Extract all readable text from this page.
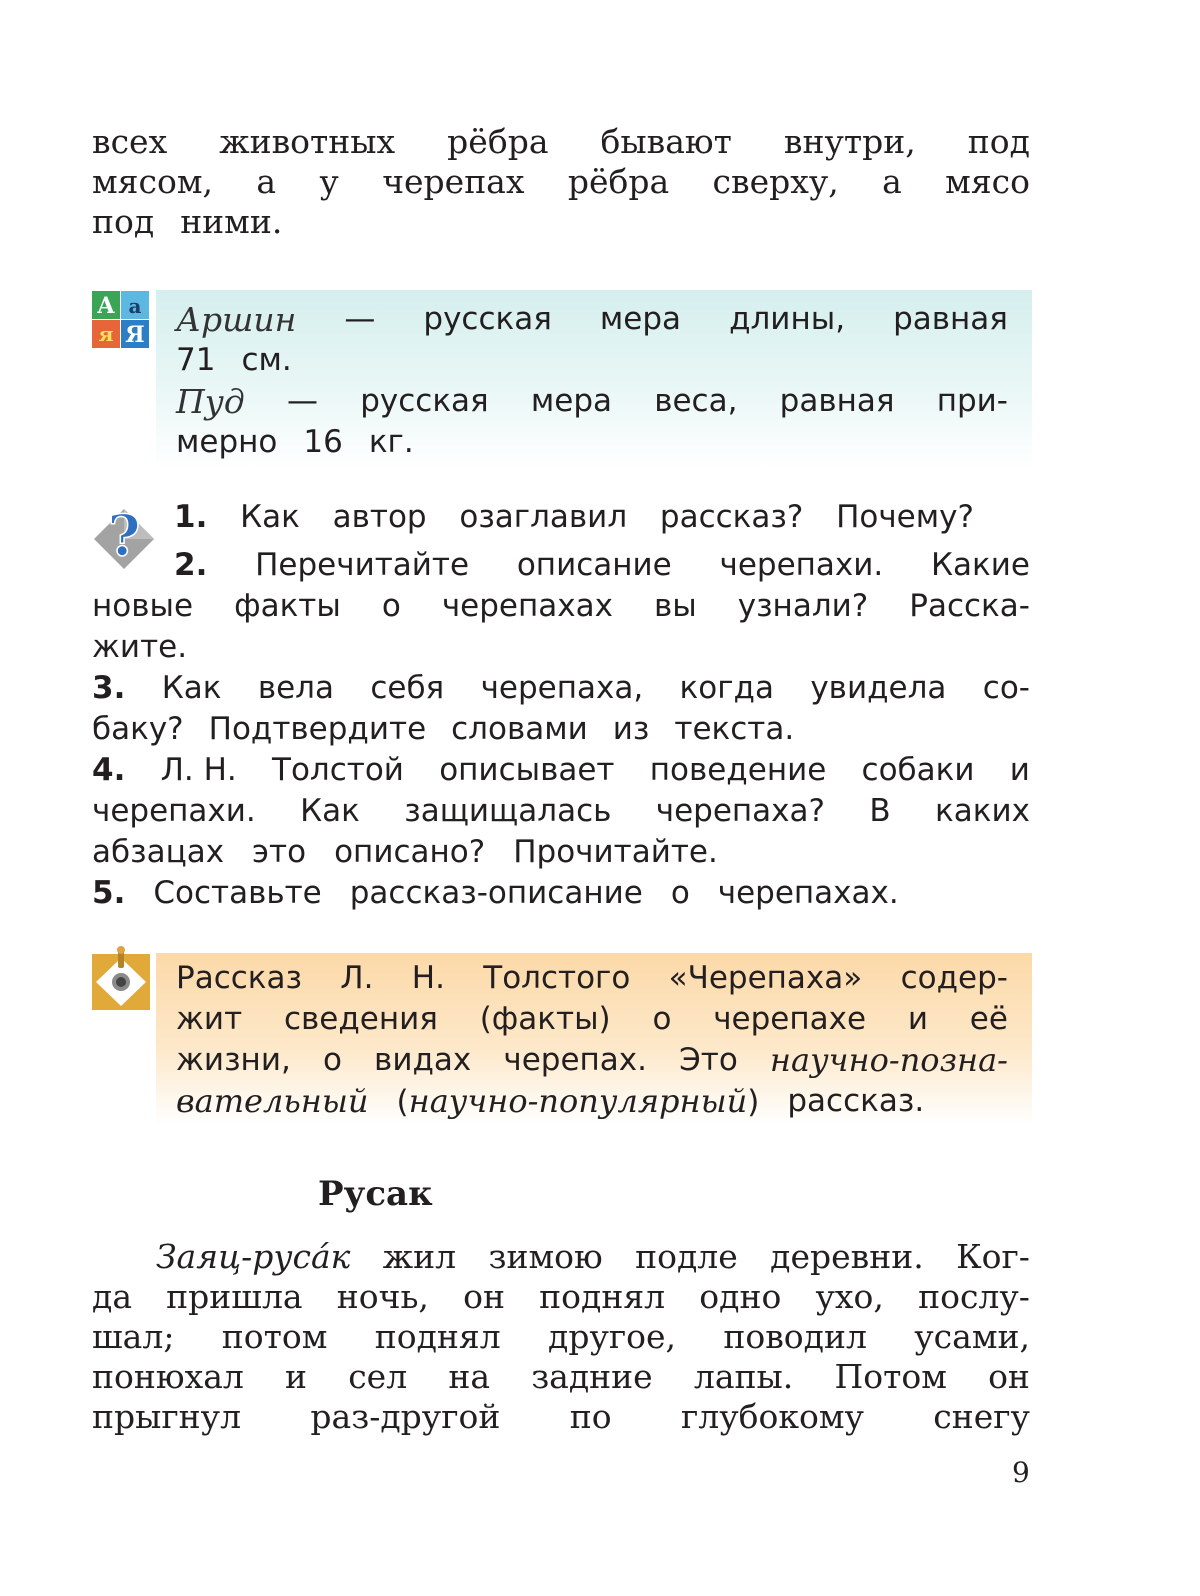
всех животных рёбра бывают внутри, под
мясом, а у черепах рёбра сверху, а мясо
под ними.
А а
я Я Аршин — русская мера длины, равная
71 см.
Пуд — русская мера веса, равная при-
мерно 16 кг.
? 1. Как автор озаглавил рассказ? Почему?
2. Перечитайте описание черепахи. Какие
новые факты о черепахах вы узнали? Расска-
жите.
3. Как вела себя черепаха, когда увидела со-
баку? Подтвердите словами из текста.
4. Л. Н. Толстой описывает поведение собаки и
черепахи. Как защищалась черепаха? В каких
абзацах это описано? Прочитайте.
5. Составьте рассказ-описание о черепахах.
Рассказ Л. Н. Толстого «Черепаха» содер-
жит сведения (факты) о черепахе и её
жизни, о видах черепах. Это научно-позна-
вательный (научно-популярный) рассказ.
Русак
Заяц-руса́к жил зимою подле деревни. Ког-
да пришла ночь, он поднял одно ухо, послу-
шал; потом поднял другое, поводил усами,
понюхал и сел на задние лапы. Потом он
прыгнул раз-другой по глубокому снегу
9
